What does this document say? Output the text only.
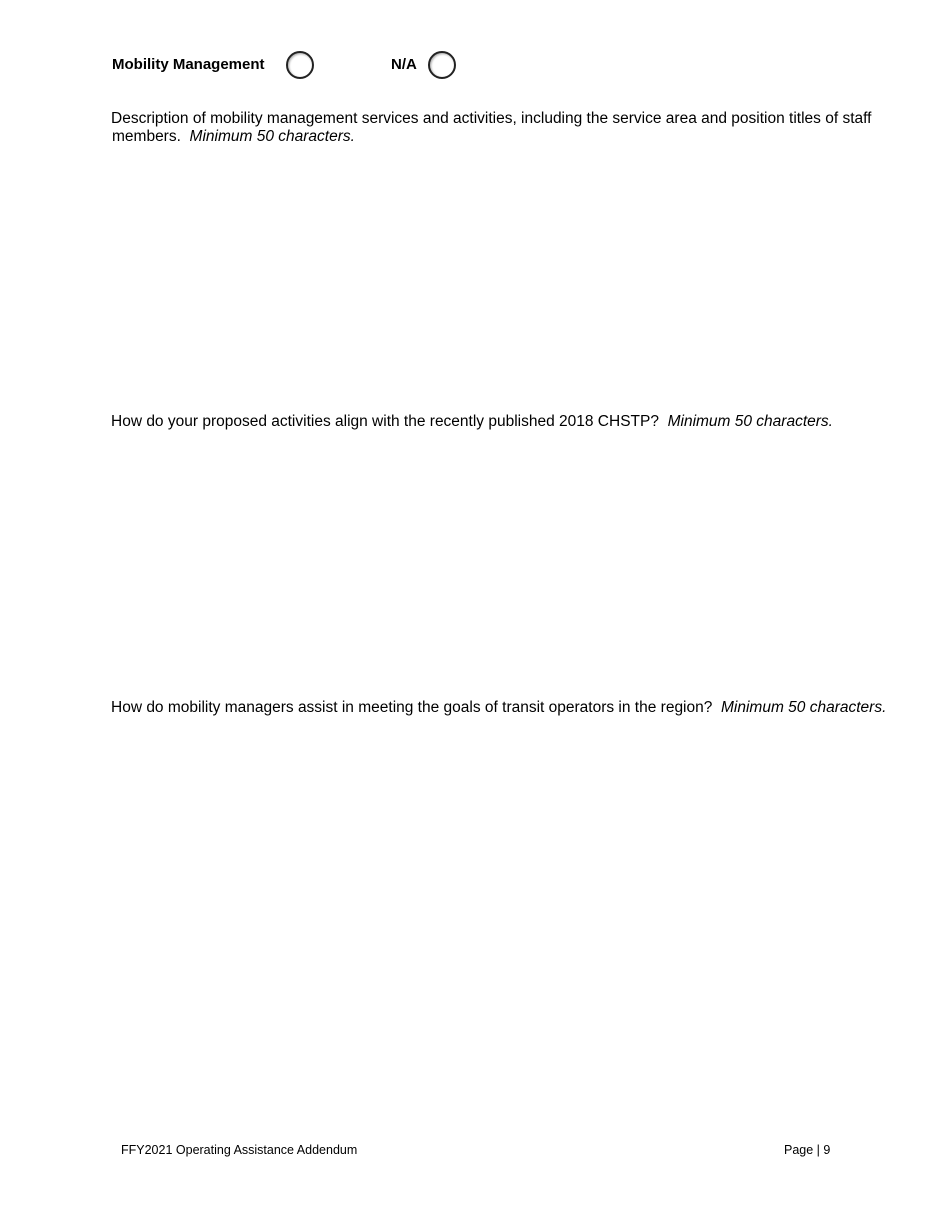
Mobility Management	N/A
Description of mobility management services and activities, including the service area and position titles of staff
members. Minimum 50 characters.
How do your proposed activities align with the recently published 2018 CHSTP? Minimum 50 characters.
How do mobility managers assist in meeting the goals of transit operators in the region? Minimum 50 characters.
FFY2021 Operating Assistance Addendum	Page | 9
